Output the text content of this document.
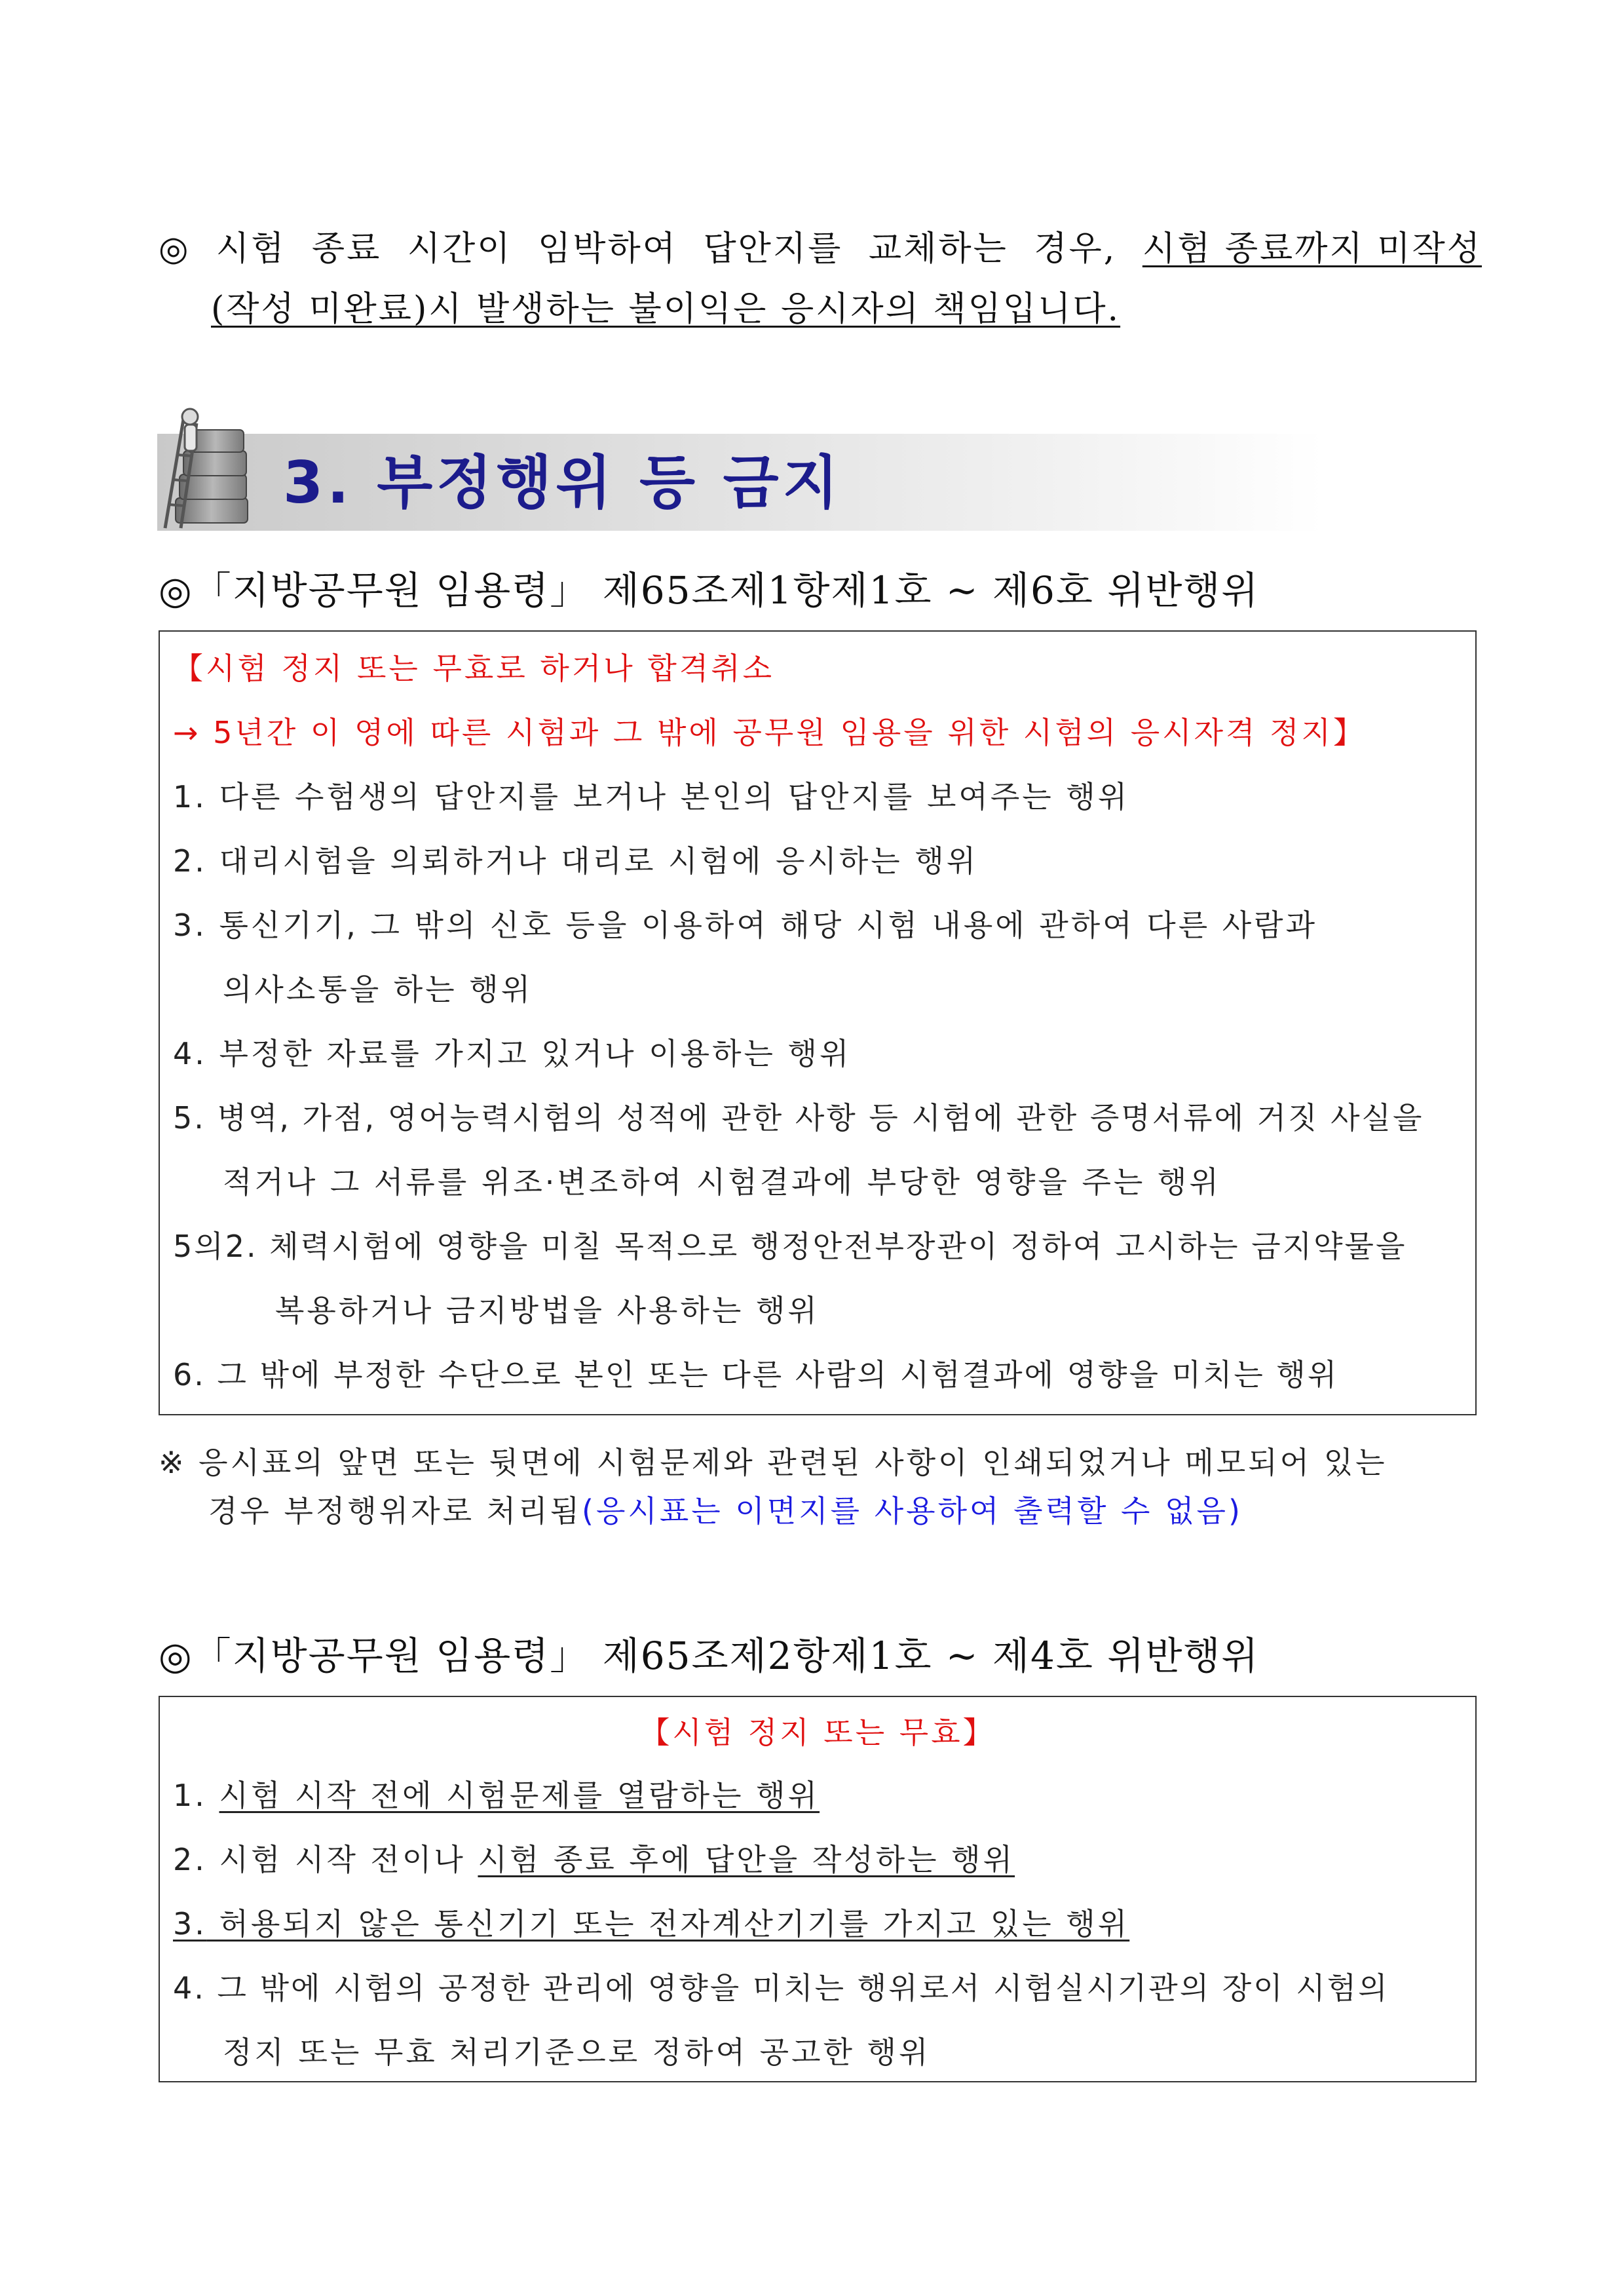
◎ 시험 종료 시간이 임박하여 답안지를 교체하는 경우, 시험 종료까지 미작성
(작성 미완료)시 발생하는 불이익은 응시자의 책임입니다.
3. 부정행위 등 금지
◎「지방공무원 임용령」 제65조제1항제1호 ~ 제6호 위반행위
【시험 정지 또는 무효로 하거나 합격취소
→ 5년간 이 영에 따른 시험과 그 밖에 공무원 임용을 위한 시험의 응시자격 정지】
1. 다른 수험생의 답안지를 보거나 본인의 답안지를 보여주는 행위
2. 대리시험을 의뢰하거나 대리로 시험에 응시하는 행위
3. 통신기기, 그 밖의 신호 등을 이용하여 해당 시험 내용에 관하여 다른 사람과
의사소통을 하는 행위
4. 부정한 자료를 가지고 있거나 이용하는 행위
5. 병역, 가점, 영어능력시험의 성적에 관한 사항 등 시험에 관한 증명서류에 거짓 사실을
적거나 그 서류를 위조·변조하여 시험결과에 부당한 영향을 주는 행위
5의2. 체력시험에 영향을 미칠 목적으로 행정안전부장관이 정하여 고시하는 금지약물을
복용하거나 금지방법을 사용하는 행위
6. 그 밖에 부정한 수단으로 본인 또는 다른 사람의 시험결과에 영향을 미치는 행위
※ 응시표의 앞면 또는 뒷면에 시험문제와 관련된 사항이 인쇄되었거나 메모되어 있는
경우 부정행위자로 처리됨(응시표는 이면지를 사용하여 출력할 수 없음)
◎「지방공무원 임용령」 제65조제2항제1호 ~ 제4호 위반행위
【시험 정지 또는 무효】
1. 시험 시작 전에 시험문제를 열람하는 행위
2. 시험 시작 전이나 시험 종료 후에 답안을 작성하는 행위
3. 허용되지 않은 통신기기 또는 전자계산기기를 가지고 있는 행위
4. 그 밖에 시험의 공정한 관리에 영향을 미치는 행위로서 시험실시기관의 장이 시험의
정지 또는 무효 처리기준으로 정하여 공고한 행위
